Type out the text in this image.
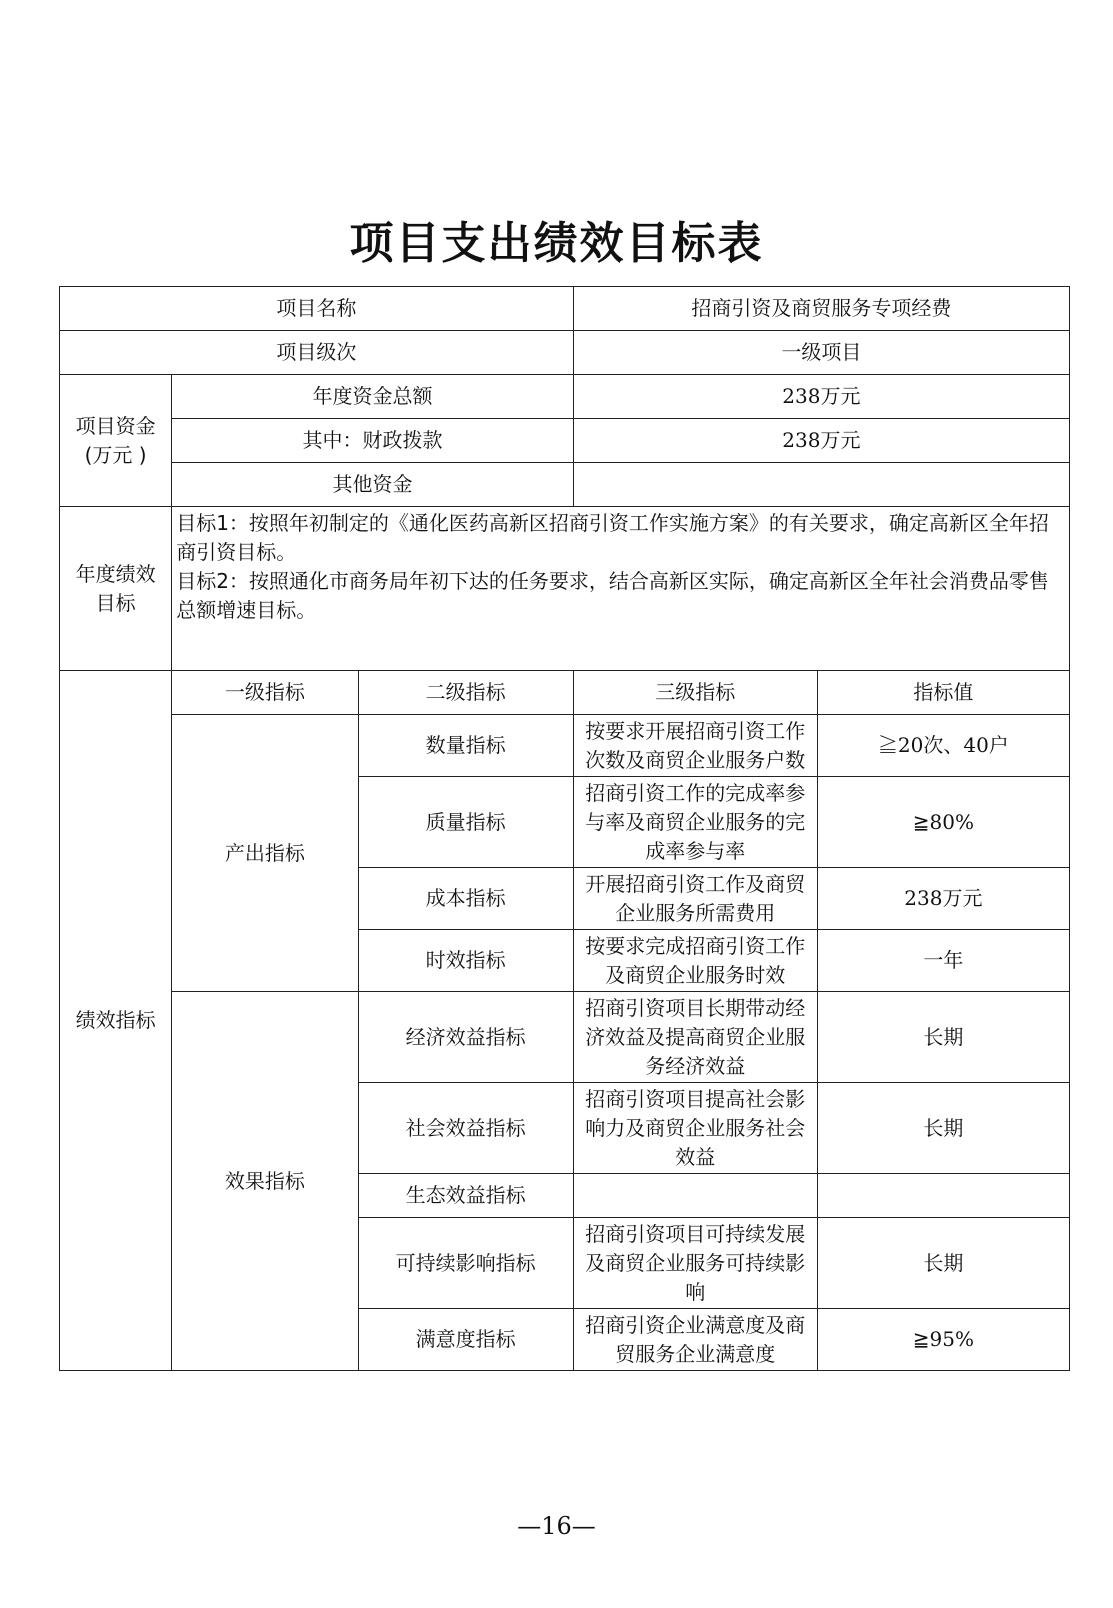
项目支出绩效目标表
项目名称			招商引资及商贸服务专项经费	
项目级次			一级项目	
项目资金
(万元 )	年度资金总额		238万元	
	其中：财政拨款		238万元	
	其他资金			
年度绩效
目标	目标1：按照年初制定的《通化医药高新区招商引资工作实施方案》的有关要求，确定高新区全年招商引资目标。
目标2：按照通化市商务局年初下达的任务要求，结合高新区实际，确定高新区全年社会消费品零售总额增速目标。			

绩效指标	一级指标	二级指标	三级指标	指标值
	产出指标	数量指标	按要求开展招商引资工作次数及商贸企业服务户数	≧20次、40户
		质量指标	招商引资工作的完成率参与率及商贸企业服务的完成率参与率	≧80%
		成本指标	开展招商引资工作及商贸企业服务所需费用	238万元
		时效指标	按要求完成招商引资工作及商贸企业服务时效	一年
	效果指标	经济效益指标	招商引资项目长期带动经济效益及提高商贸企业服务经济效益	长期
		社会效益指标	招商引资项目提高社会影响力及商贸企业服务社会效益	长期
		生态效益指标		
		可持续影响指标	招商引资项目可持续发展及商贸企业服务可持续影响	长期
		满意度指标	招商引资企业满意度及商贸服务企业满意度	≧95%
—16—
